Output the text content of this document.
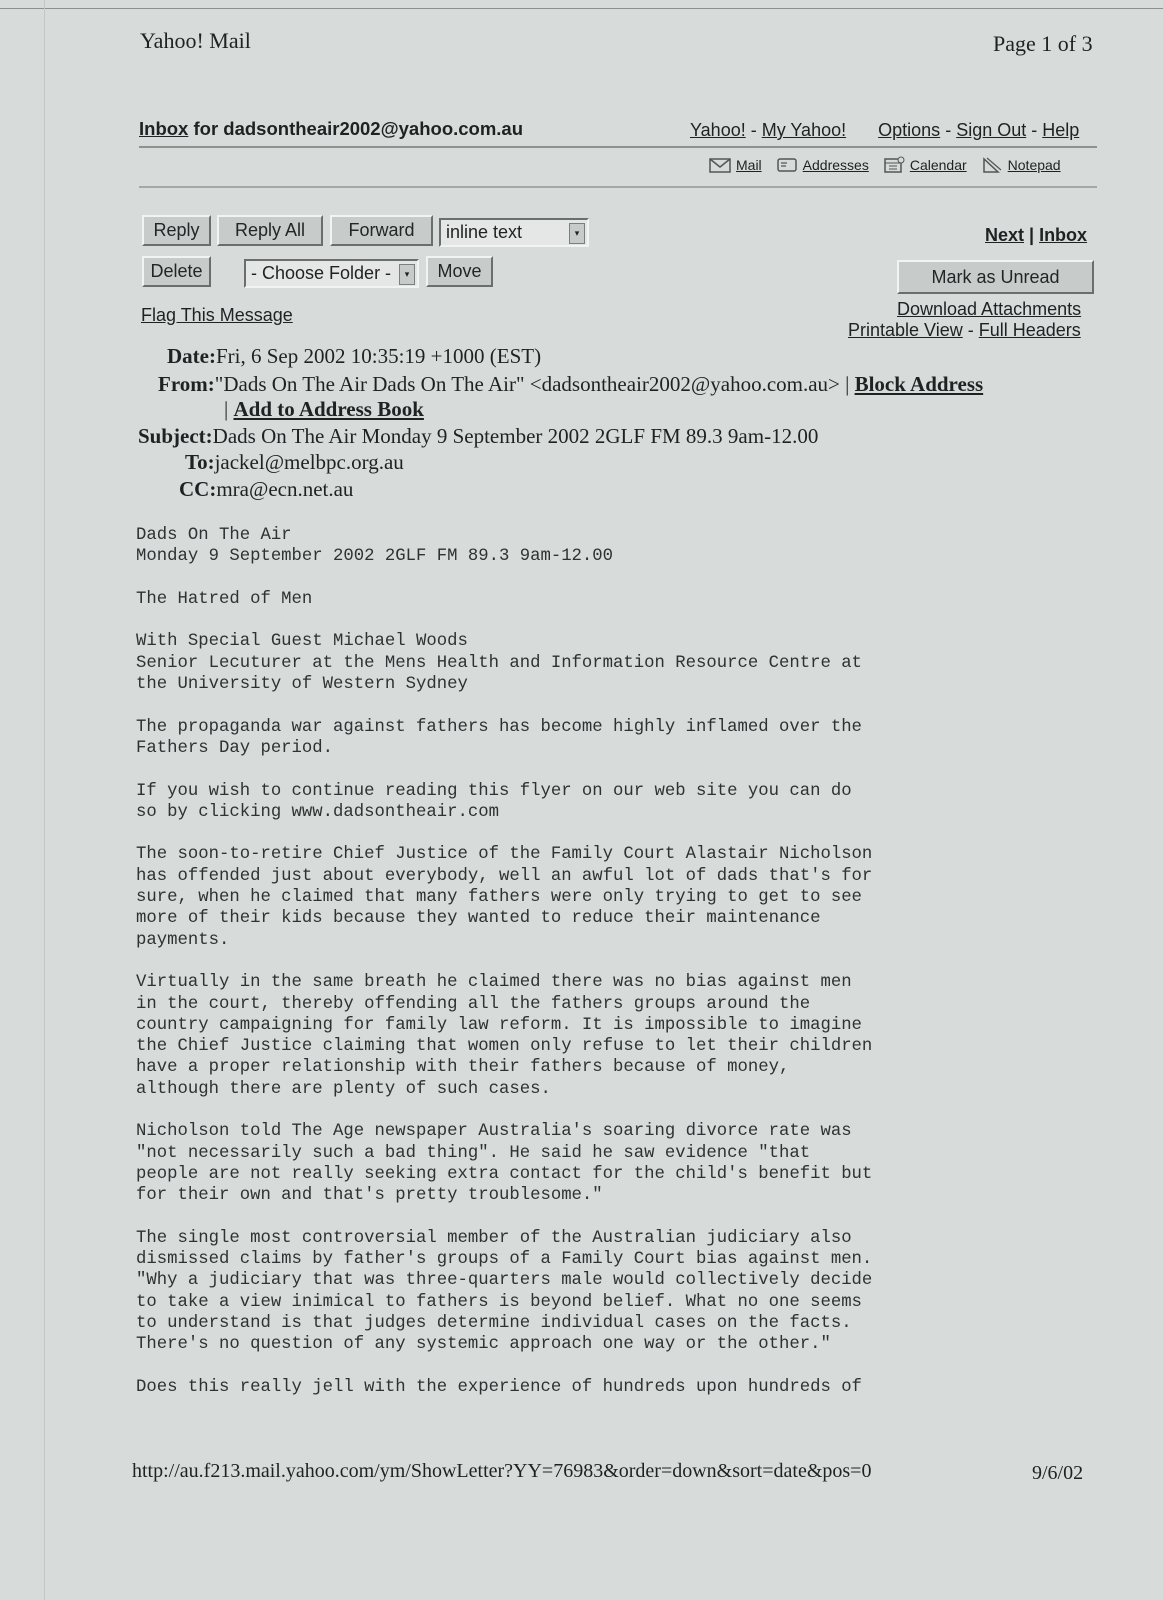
Yahoo! Mail	Page 1 of 3
Inbox for dadsontheair2002@yahoo.com.au	Yahoo! - My Yahoo! Options - Sign Out - Help
Mail	Addresses	Calendar	Notepad
Reply	Reply All	Forward	inline text	▾
Delete	- Choose Folder -	▾	Move
Next | Inbox
Mark as Unread
Download Attachments
Printable View - Full Headers
Flag This Message
Date:Fri, 6 Sep 2002 10:35:19 +1000 (EST)
From:"Dads On The Air Dads On The Air" <dadsontheair2002@yahoo.com.au> | Block Address
| Add to Address Book
Subject:Dads On The Air Monday 9 September 2002 2GLF FM 89.3 9am-12.00
To:jackel@melbpc.org.au
CC:mra@ecn.net.au
Dads On The Air
Monday 9 September 2002 2GLF FM 89.3 9am-12.00

The Hatred of Men

With Special Guest Michael Woods
Senior Lecuturer at the Mens Health and Information Resource Centre at
the University of Western Sydney

The propaganda war against fathers has become highly inflamed over the
Fathers Day period.

If you wish to continue reading this flyer on our web site you can do
so by clicking www.dadsontheair.com

The soon-to-retire Chief Justice of the Family Court Alastair Nicholson
has offended just about everybody, well an awful lot of dads that's for
sure, when he claimed that many fathers were only trying to get to see
more of their kids because they wanted to reduce their maintenance
payments.

Virtually in the same breath he claimed there was no bias against men
in the court, thereby offending all the fathers groups around the
country campaigning for family law reform. It is impossible to imagine
the Chief Justice claiming that women only refuse to let their children
have a proper relationship with their fathers because of money,
although there are plenty of such cases.

Nicholson told The Age newspaper Australia's soaring divorce rate was
"not necessarily such a bad thing". He said he saw evidence "that
people are not really seeking extra contact for the child's benefit but
for their own and that's pretty troublesome."

The single most controversial member of the Australian judiciary also
dismissed claims by father's groups of a Family Court bias against men.
"Why a judiciary that was three-quarters male would collectively decide
to take a view inimical to fathers is beyond belief. What no one seems
to understand is that judges determine individual cases on the facts.
There's no question of any systemic approach one way or the other."

Does this really jell with the experience of hundreds upon hundreds of
http://au.f213.mail.yahoo.com/ym/ShowLetter?YY=76983&order=down&sort=date&pos=0	9/6/02
